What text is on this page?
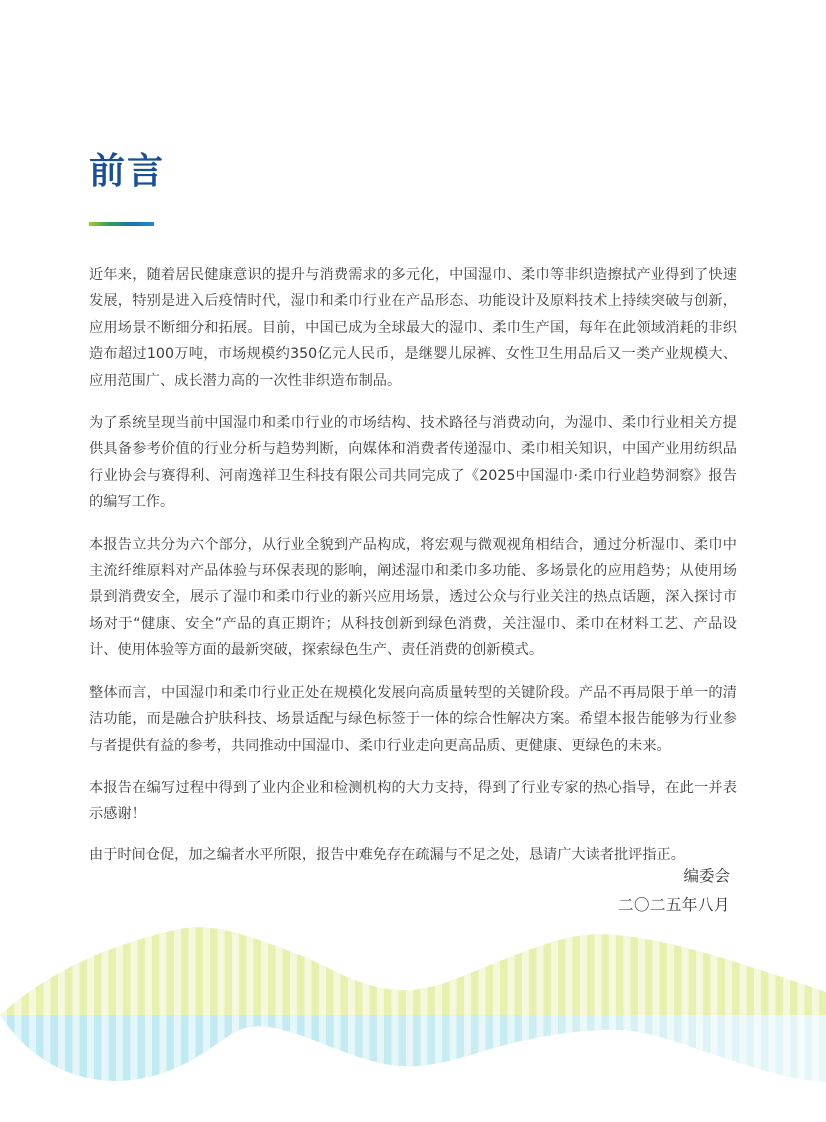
前言

近年来，随着居民健康意识的提升与消费需求的多元化，中国湿巾、柔巾等非织造擦拭产业得到了快速发展，特别是进入后疫情时代，湿巾和柔巾行业在产品形态、功能设计及原料技术上持续突破与创新，应用场景不断细分和拓展。目前，中国已成为全球最大的湿巾、柔巾生产国，每年在此领域消耗的非织造布超过100万吨，市场规模约350亿元人民币，是继婴儿尿裤、女性卫生用品后又一类产业规模大、应用范围广、成长潜力高的一次性非织造布制品。

为了系统呈现当前中国湿巾和柔巾行业的市场结构、技术路径与消费动向，为湿巾、柔巾行业相关方提供具备参考价值的行业分析与趋势判断，向媒体和消费者传递湿巾、柔巾相关知识，中国产业用纺织品行业协会与赛得利、河南逸祥卫生科技有限公司共同完成了《2025中国湿巾·柔巾行业趋势洞察》报告的编写工作。

本报告立共分为六个部分，从行业全貌到产品构成，将宏观与微观视角相结合，通过分析湿巾、柔巾中主流纤维原料对产品体验与环保表现的影响，阐述湿巾和柔巾多功能、多场景化的应用趋势；从使用场景到消费安全，展示了湿巾和柔巾行业的新兴应用场景，透过公众与行业关注的热点话题，深入探讨市场对于“健康、安全”产品的真正期许；从科技创新到绿色消费，关注湿巾、柔巾在材料工艺、产品设计、使用体验等方面的最新突破，探索绿色生产、责任消费的创新模式。

整体而言，中国湿巾和柔巾行业正处在规模化发展向高质量转型的关键阶段。产品不再局限于单一的清洁功能，而是融合护肤科技、场景适配与绿色标签于一体的综合性解决方案。希望本报告能够为行业参与者提供有益的参考，共同推动中国湿巾、柔巾行业走向更高品质、更健康、更绿色的未来。

本报告在编写过程中得到了业内企业和检测机构的大力支持，得到了行业专家的热心指导，在此一并表示感谢！

由于时间仓促，加之编者水平所限，报告中难免存在疏漏与不足之处，恳请广大读者批评指正。

编委会
二〇二五年八月
